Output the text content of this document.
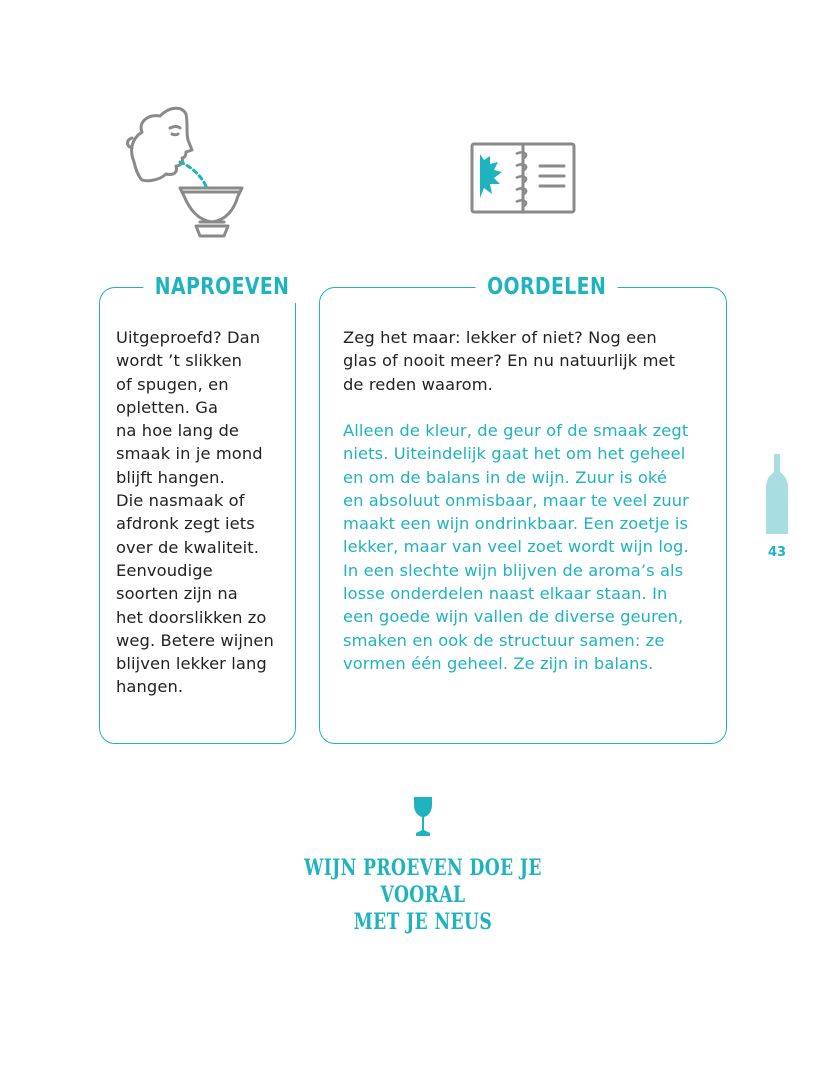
NAPROEVEN
Uitgeproefd? Dan
wordt ’t slikken
of spugen, en
opletten. Ga
na hoe lang de
smaak in je mond
blijft hangen.
Die nasmaak of
afdronk zegt iets
over de kwaliteit.
Eenvoudige
soorten zijn na
het doorslikken zo
weg. Betere wijnen
blijven lekker lang
hangen.
OORDELEN
Zeg het maar: lekker of niet? Nog een
glas of nooit meer? En nu natuurlijk met
de reden waarom.
Alleen de kleur, de geur of de smaak zegt
niets. Uiteindelijk gaat het om het geheel
en om de balans in de wijn. Zuur is oké
en absoluut onmisbaar, maar te veel zuur
maakt een wijn ondrinkbaar. Een zoetje is
lekker, maar van veel zoet wordt wijn log.
In een slechte wijn blijven de aroma’s als
losse onderdelen naast elkaar staan. In
een goede wijn vallen de diverse geuren,
smaken en ook de structuur samen: ze
vormen één geheel. Ze zijn in balans.
43
WIJN PROEVEN DOE JE VOORAL
MET JE NEUS
